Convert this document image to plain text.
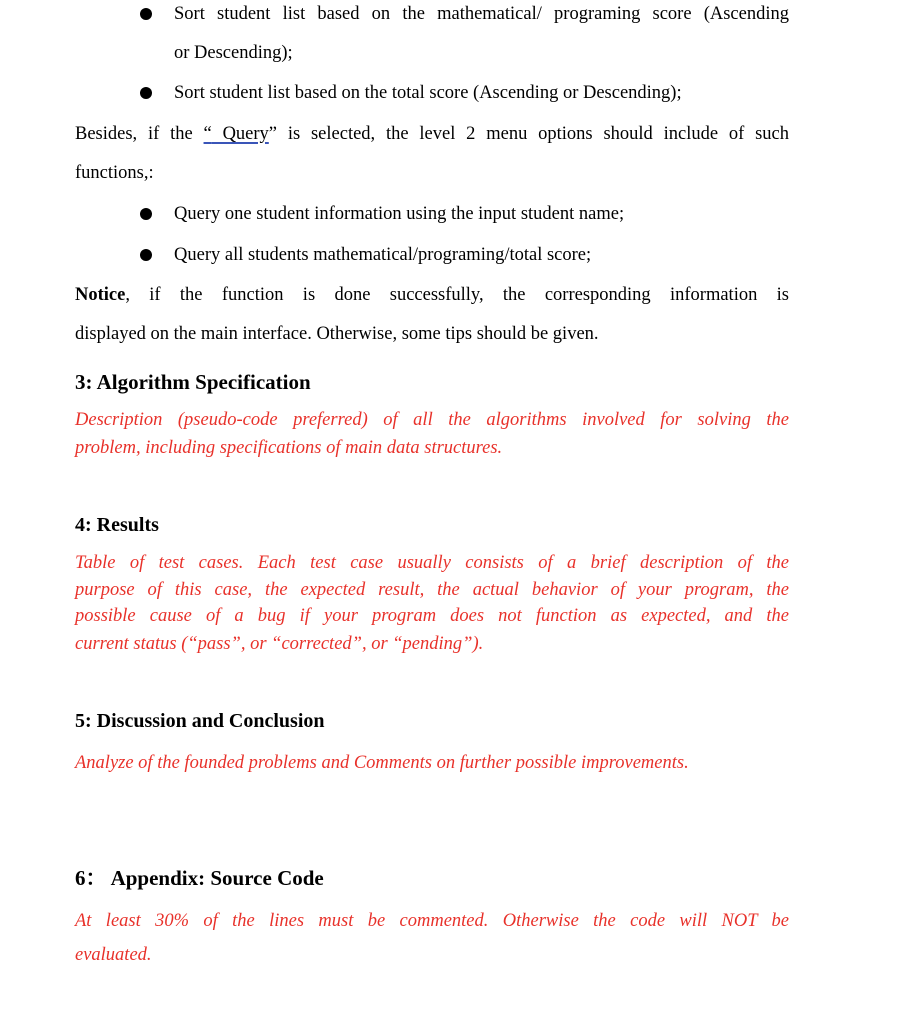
Sort student list based on the mathematical/ programing score (Ascending
or Descending);
Sort student list based on the total score (Ascending or Descending);
Besides, if the “ Query” is selected, the level 2 menu options should include of such
functions,:
Query one student information using the input student name;
Query all students mathematical/programing/total score;
Notice, if the function is done successfully, the corresponding information is
displayed on the main interface. Otherwise, some tips should be given.
3: Algorithm Specification
Description (pseudo-code preferred) of all the algorithms involved for solving the
problem, including specifications of main data structures.
4: Results
Table of test cases. Each test case usually consists of a brief description of the
purpose of this case, the expected result, the actual behavior of your program, the
possible cause of a bug if your program does not function as expected, and the
current status (“pass”, or “corrected”, or “pending”).
5: Discussion and Conclusion
Analyze of the founded problems and Comments on further possible improvements.
6： Appendix: Source Code
At least 30% of the lines must be commented. Otherwise the code will NOT be
evaluated.
